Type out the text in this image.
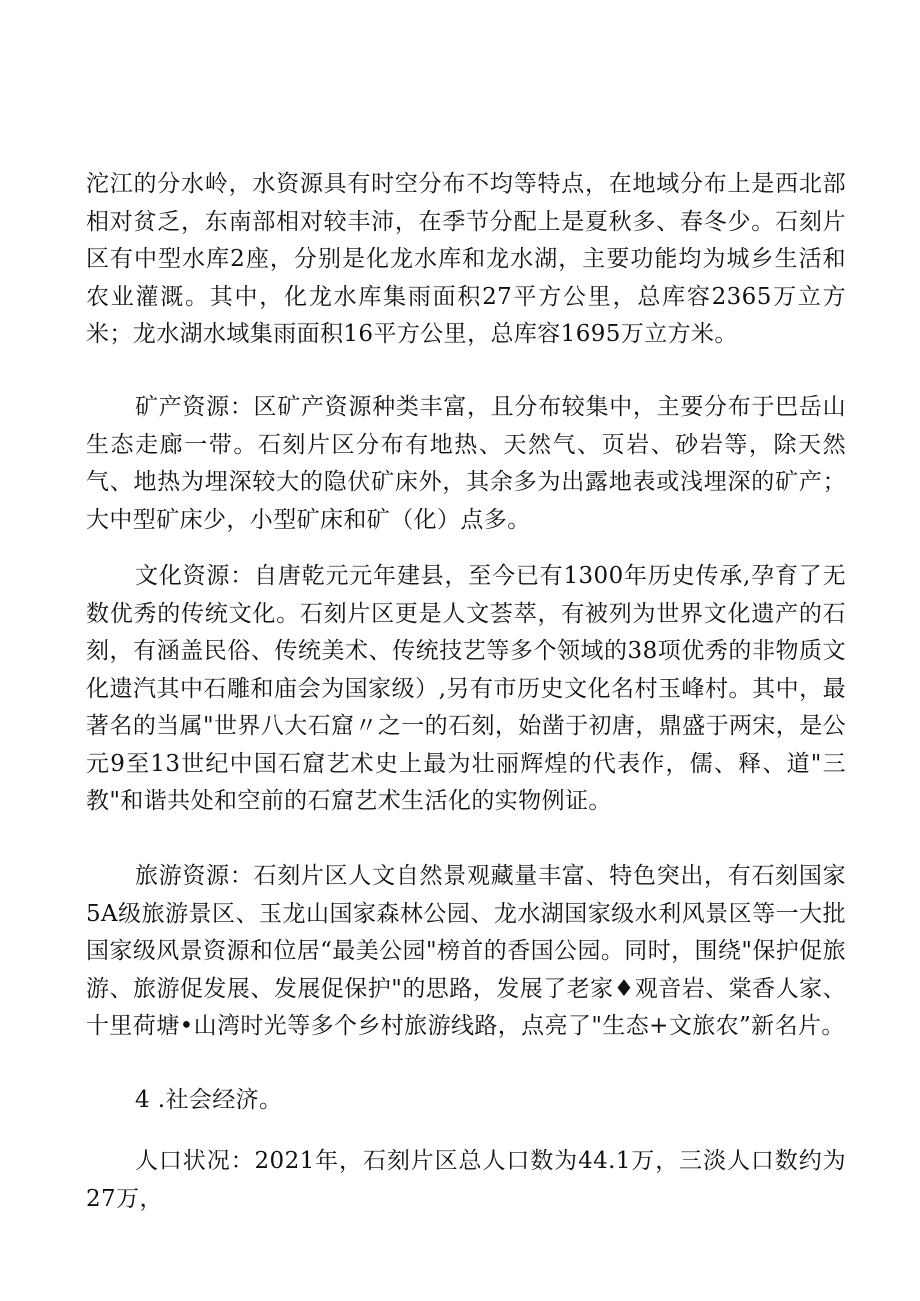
沱江的分水岭，水资源具有时空分布不均等特点，在地域分布上是西北部相对贫乏，东南部相对较丰沛，在季节分配上是夏秋多、春冬少。石刻片区有中型水库2座，分别是化龙水库和龙水湖，主要功能均为城乡生活和农业灌溉。其中，化龙水库集雨面积27平方公里，总库容2365万立方米；龙水湖水域集雨面积16平方公里，总库容1695万立方米。

矿产资源：区矿产资源种类丰富，且分布较集中，主要分布于巴岳山生态走廊一带。石刻片区分布有地热、天然气、页岩、砂岩等，除天然气、地热为埋深较大的隐伏矿床外，其余多为出露地表或浅埋深的矿产；大中型矿床少，小型矿床和矿（化）点多。

文化资源：自唐乾元元年建县，至今已有1300年历史传承,孕育了无数优秀的传统文化。石刻片区更是人文荟萃，有被列为世界文化遗产的石刻，有涵盖民俗、传统美术、传统技艺等多个领域的38项优秀的非物质文化遗汽其中石雕和庙会为国家级）,另有市历史文化名村玉峰村。其中，最著名的当属"世界八大石窟〃之一的石刻，始凿于初唐，鼎盛于两宋，是公元9至13世纪中国石窟艺术史上最为壮丽辉煌的代表作，儒、释、道"三教"和谐共处和空前的石窟艺术生活化的实物例证。

旅游资源：石刻片区人文自然景观藏量丰富、特色突出，有石刻国家5A级旅游景区、玉龙山国家森林公园、龙水湖国家级水利风景区等一大批国家级风景资源和位居“最美公园"榜首的香国公园。同时，围绕"保护促旅游、旅游促发展、发展促保护"的思路，发展了老家♦观音岩、棠香人家、十里荷塘•山湾时光等多个乡村旅游线路，点亮了"生态+文旅农”新名片。

4 .社会经济。

人口状况：2021年，石刻片区总人口数为44.1万，三淡人口数约为27万，
